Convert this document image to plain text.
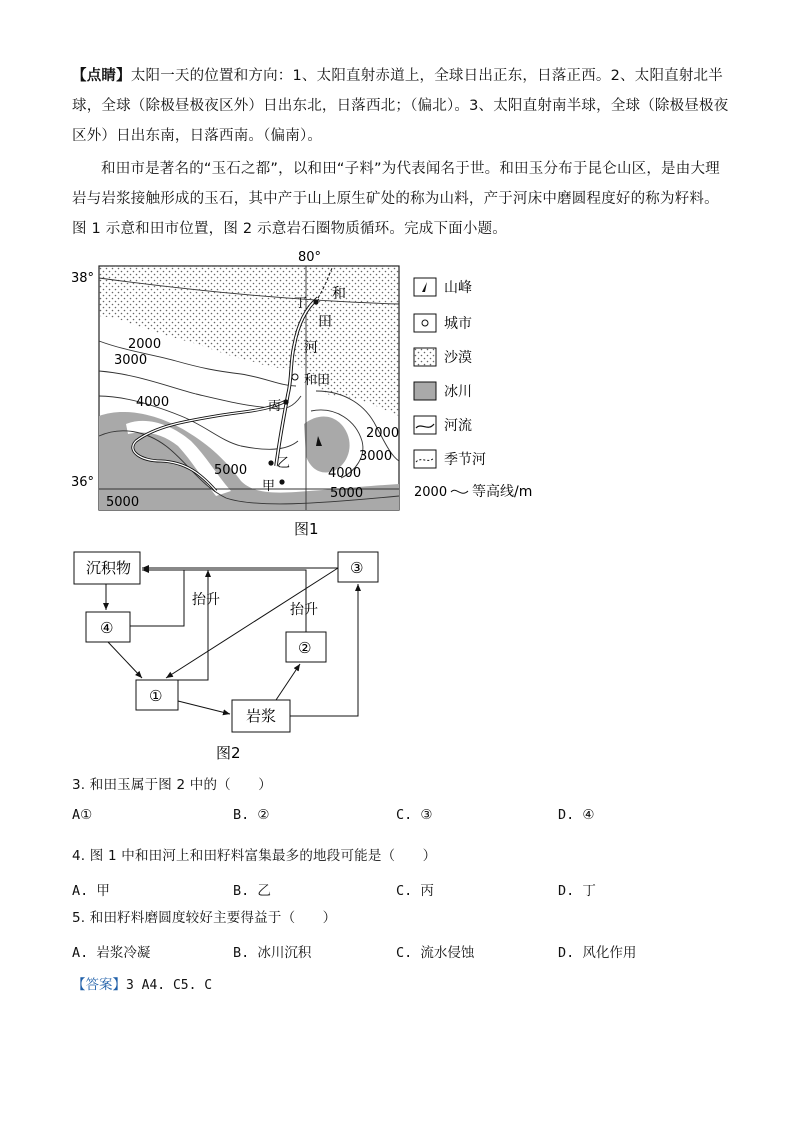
【点睛】太阳一天的位置和方向：1、太阳直射赤道上，全球日出正东，日落正西。2、太阳直射北半球，全球（除极昼极夜区外）日出东北，日落西北；（偏北）。3、太阳直射南半球，全球（除极昼极夜区外）日出东南，日落西南。（偏南）。
和田市是著名的“玉石之都”，以和田“子料”为代表闻名于世。和田玉分布于昆仑山区，是由大理岩与岩浆接触形成的玉石，其中产于山上原生矿处的称为山料，产于河床中磨圆程度好的称为籽料。图 1 示意和田市位置，图 2 示意岩石圈物质循环。完成下面小题。
80°
38°
36°
2000
3000
4000
5000
5000
2000
3000
4000
5000
和
田
河
和田
丙
乙
甲
丁
山峰
城市
沙漠
冰川
河流
季节河
2000 等高线/m
图1
沉积物
④
①
岩浆
②
③
抬升
抬升
图2
3. 和田玉属于图 2 中的（　　）
A①	B. ②	C. ③	D. ④
4. 图 1 中和田河上和田籽料富集最多的地段可能是（　　）
A. 甲	B. 乙	C. 丙	D. 丁
5. 和田籽料磨圆度较好主要得益于（　　）
A. 岩浆冷凝	B. 冰川沉积	C. 流水侵蚀	D. 风化作用
【答案】3 A4. C5. C
